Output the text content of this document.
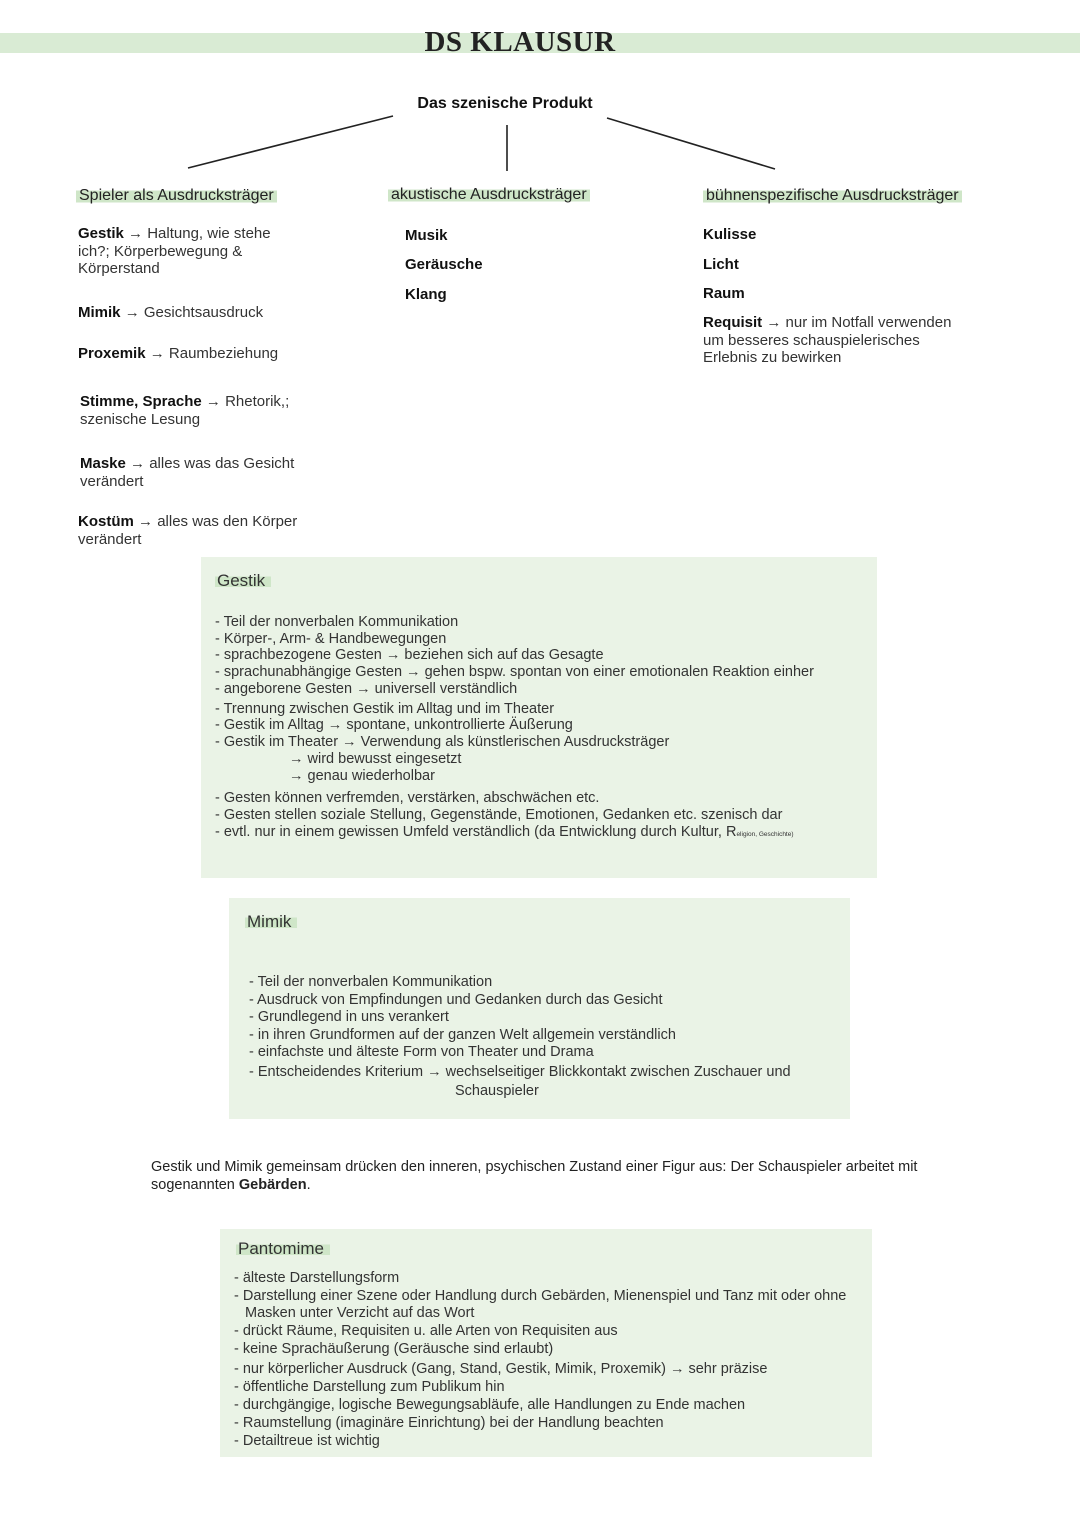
DS KLAUSUR
Das szenische Produkt
Spieler als Ausdrucksträger	akustische Ausdrucksträger	bühnenspezifische Ausdrucksträger
Gestik → Haltung, wie stehe
ich?; Körperbewegung &
Körperstand
Mimik → Gesichtsausdruck
Proxemik → Raumbeziehung
Stimme, Sprache → Rhetorik,;
szenische Lesung
Maske → alles was das Gesicht
verändert
Kostüm → alles was den Körper
verändert
Musik
Geräusche
Klang
Kulisse
Licht
Raum
Requisit → nur im Notfall verwenden
um besseres schauspielerisches
Erlebnis zu bewirken
Gestik
- Teil der nonverbalen Kommunikation
- Körper-, Arm- & Handbewegungen
- sprachbezogene Gesten → beziehen sich auf das Gesagte
- sprachunabhängige Gesten → gehen bspw. spontan von einer emotionalen Reaktion einher
- angeborene Gesten → universell verständlich
- Trennung zwischen Gestik im Alltag und im Theater
- Gestik im Alltag → spontane, unkontrollierte Äußerung
- Gestik im Theater → Verwendung als künstlerischen Ausdrucksträger
→ wird bewusst eingesetzt
→ genau wiederholbar
- Gesten können verfremden, verstärken, abschwächen etc.
- Gesten stellen soziale Stellung, Gegenstände, Emotionen, Gedanken etc. szenisch dar
- evtl. nur in einem gewissen Umfeld verständlich (da Entwicklung durch Kultur, Religion, Geschichte)
Mimik
- Teil der nonverbalen Kommunikation
- Ausdruck von Empfindungen und Gedanken durch das Gesicht
- Grundlegend in uns verankert
- in ihren Grundformen auf der ganzen Welt allgemein verständlich
- einfachste und älteste Form von Theater und Drama
- Entscheidendes Kriterium → wechselseitiger Blickkontakt zwischen Zuschauer und
Schauspieler
Gestik und Mimik gemeinsam drücken den inneren, psychischen Zustand einer Figur aus: Der Schauspieler arbeitet mit sogenannten Gebärden.
Pantomime
- älteste Darstellungsform
- Darstellung einer Szene oder Handlung durch Gebärden, Mienenspiel und Tanz mit oder ohne
Masken unter Verzicht auf das Wort
- drückt Räume, Requisiten u. alle Arten von Requisiten aus
- keine Sprachäußerung (Geräusche sind erlaubt)
- nur körperlicher Ausdruck (Gang, Stand, Gestik, Mimik, Proxemik) → sehr präzise
- öffentliche Darstellung zum Publikum hin
- durchgängige, logische Bewegungsabläufe, alle Handlungen zu Ende machen
- Raumstellung (imaginäre Einrichtung) bei der Handlung beachten
- Detailtreue ist wichtig
